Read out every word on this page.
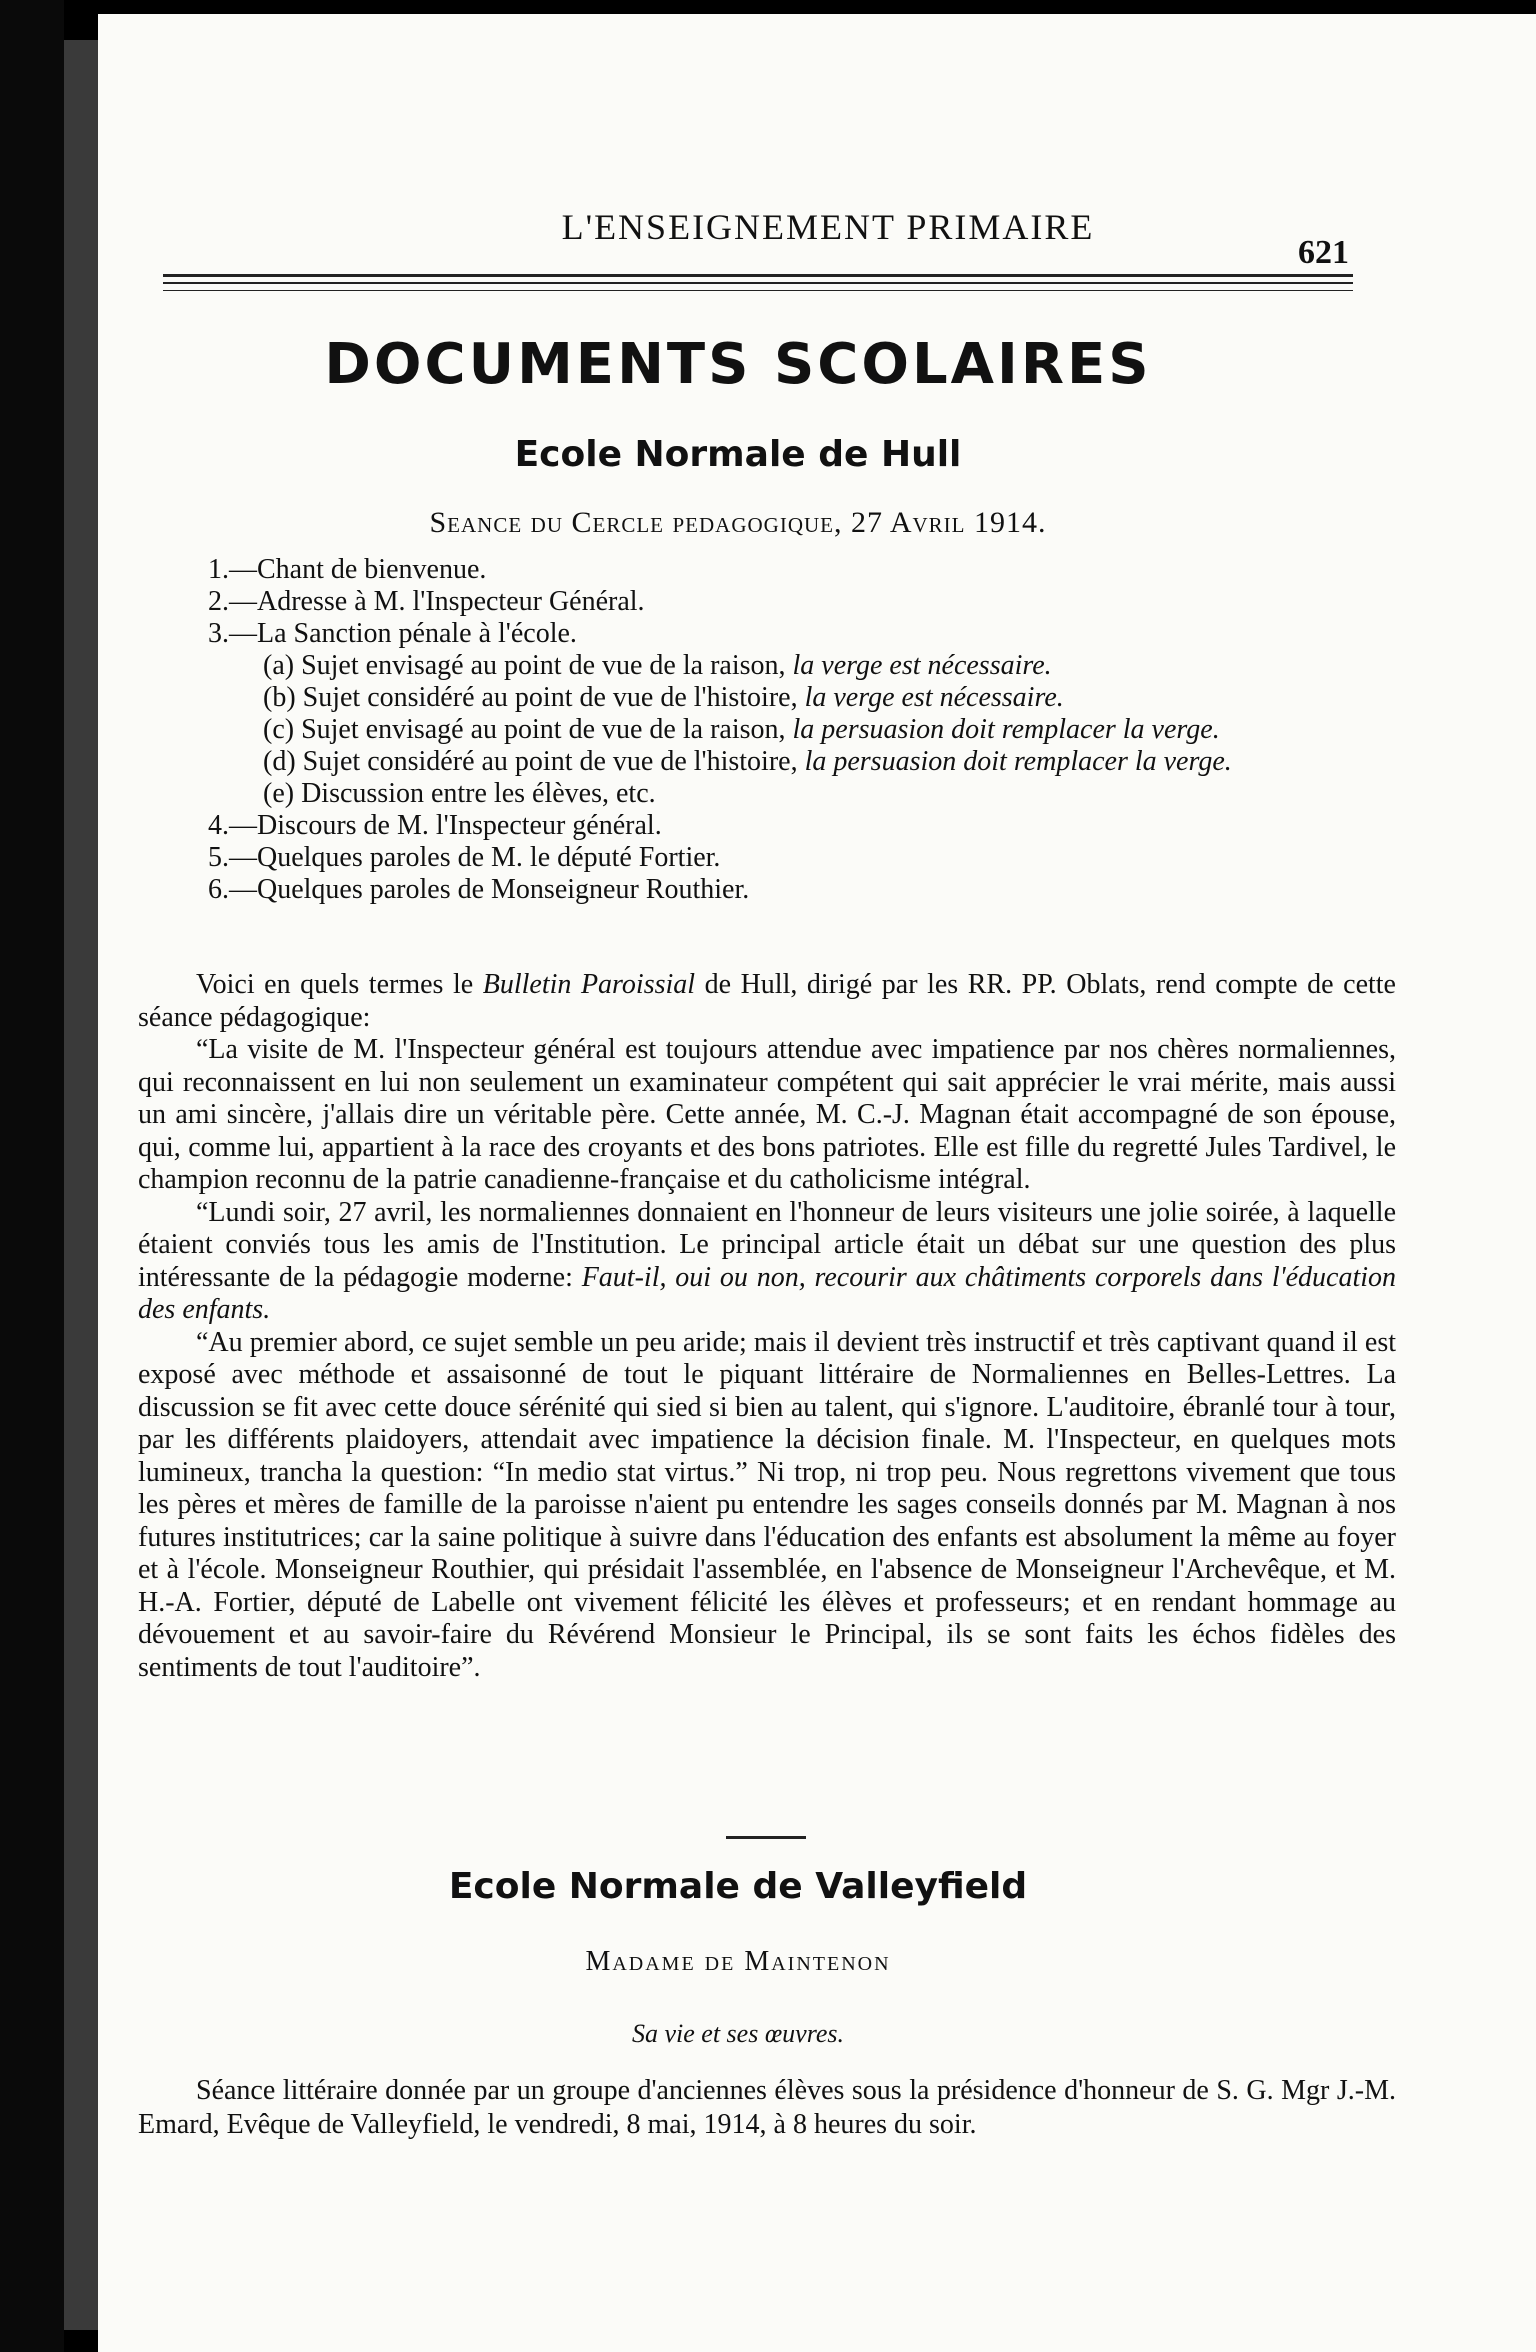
L'ENSEIGNEMENT PRIMAIRE
621
DOCUMENTS SCOLAIRES
Ecole Normale de Hull
Seance du Cercle pedagogique, 27 Avril 1914.
1.—Chant de bienvenue.
2.—Adresse à M. l'Inspecteur Général.
3.—La Sanction pénale à l'école.
(a) Sujet envisagé au point de vue de la raison, la verge est nécessaire.
(b) Sujet considéré au point de vue de l'histoire, la verge est nécessaire.
(c) Sujet envisagé au point de vue de la raison, la persuasion doit remplacer la verge.
(d) Sujet considéré au point de vue de l'histoire, la persuasion doit remplacer la verge.
(e) Discussion entre les élèves, etc.
4.—Discours de M. l'Inspecteur général.
5.—Quelques paroles de M. le député Fortier.
6.—Quelques paroles de Monseigneur Routhier.

Voici en quels termes le Bulletin Paroissial de Hull, dirigé par les RR. PP. Oblats, rend compte de cette séance pédagogique:

“La visite de M. l'Inspecteur général est toujours attendue avec impatience par nos chères normaliennes, qui reconnaissent en lui non seulement un examinateur compétent qui sait apprécier le vrai mérite, mais aussi un ami sincère, j'allais dire un véritable père. Cette année, M. C.-J. Magnan était accompagné de son épouse, qui, comme lui, appartient à la race des croyants et des bons patriotes. Elle est fille du regretté Jules Tardivel, le champion reconnu de la patrie canadienne-française et du catholicisme intégral.

“Lundi soir, 27 avril, les normaliennes donnaient en l'honneur de leurs visiteurs une jolie soirée, à laquelle étaient conviés tous les amis de l'Institution. Le principal article était un débat sur une question des plus intéressante de la pédagogie moderne: Faut-il, oui ou non, recourir aux châtiments corporels dans l'éducation des enfants.

“Au premier abord, ce sujet semble un peu aride; mais il devient très instructif et très captivant quand il est exposé avec méthode et assaisonné de tout le piquant littéraire de Normaliennes en Belles-Lettres. La discussion se fit avec cette douce sérénité qui sied si bien au talent, qui s'ignore. L'auditoire, ébranlé tour à tour, par les différents plaidoyers, attendait avec impatience la décision finale. M. l'Inspecteur, en quelques mots lumineux, trancha la question: “In medio stat virtus.” Ni trop, ni trop peu. Nous regrettons vivement que tous les pères et mères de famille de la paroisse n'aient pu entendre les sages conseils donnés par M. Magnan à nos futures institutrices; car la saine politique à suivre dans l'éducation des enfants est absolument la même au foyer et à l'école. Monseigneur Routhier, qui présidait l'assemblée, en l'absence de Monseigneur l'Archevêque, et M. H.-A. Fortier, député de Labelle ont vivement félicité les élèves et professeurs; et en rendant hommage au dévouement et au savoir-faire du Révérend Monsieur le Principal, ils se sont faits les échos fidèles des sentiments de tout l'auditoire”.

Ecole Normale de Valleyfield
Madame de Maintenon
Sa vie et ses œuvres.

Séance littéraire donnée par un groupe d'anciennes élèves sous la présidence d'honneur de S. G. Mgr J.-M. Emard, Evêque de Valleyfield, le vendredi, 8 mai, 1914, à 8 heures du soir.
